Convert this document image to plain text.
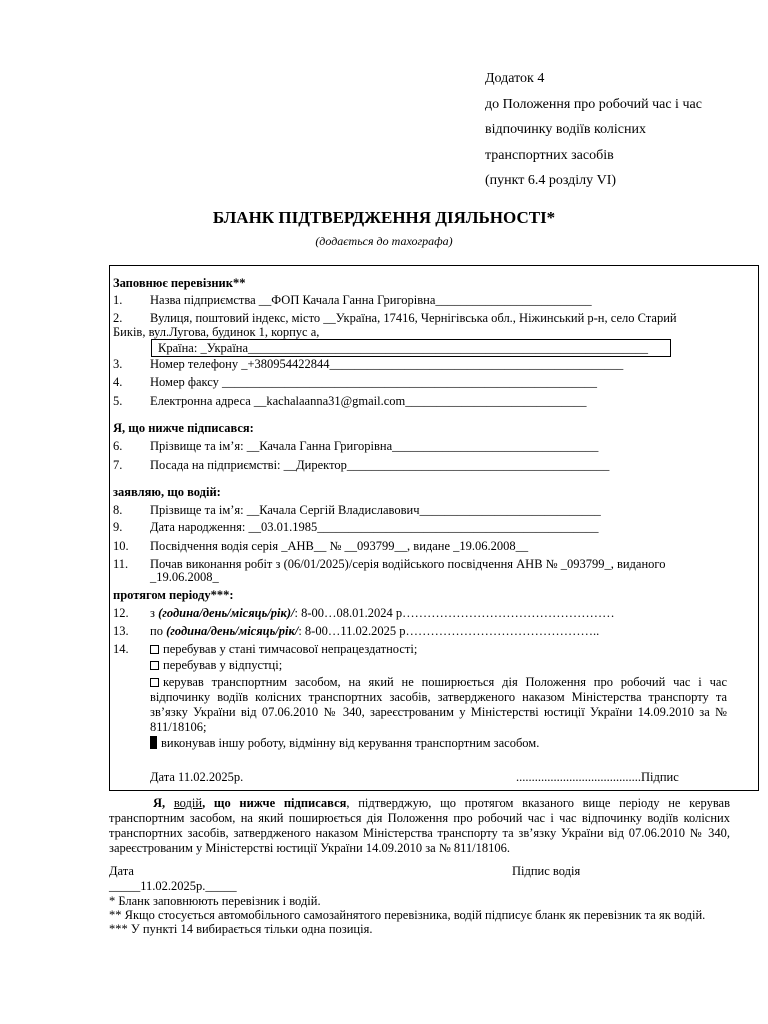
Додаток 4
до Положення про робочий час і час
відпочинку водіїв колісних
транспортних засобів
(пункт 6.4 розділу VI)
БЛАНК ПІДТВЕРДЖЕННЯ ДІЯЛЬНОСТІ*
(додається до тахографа)
Заповнює перевізник**
1. Назва підприємства __ФОП Качала Ганна Григорівна_________________________
2. Вулиця, поштовий індекс, місто __Україна, 17416, Чернігівська обл., Ніжинський р-н, село Старий
Биків, вул.Лугова, будинок 1, корпус а,
Країна: _Україна________________________________________________________________
3. Номер телефону _+380954422844_______________________________________________
4. Номер факсу ____________________________________________________________
5. Електронна адреса __kachalaanna31@gmail.com_____________________________
Я, що нижче підписався:
6. Прізвище та ім’я: __Качала Ганна Григорівна_________________________________
7. Посада на підприємстві: __Директор__________________________________________
заявляю, що водій:
8. Прізвище та ім’я: __Качала Сергій Владиславович_____________________________
9. Дата народження: __03.01.1985_____________________________________________
10. Посвідчення водія серія _АНВ__ № __093799__, видане _19.06.2008__
11. Почав виконання робіт з (06/01/2025)/серія водійського посвідчення АНВ № _093799_, виданого
_19.06.2008_
протягом періоду***:
12. з (година/день/місяць/рік)/: 8-00…08.01.2024 р……………………………………………
13. по (година/день/місяць/рік/: 8-00…11.02.2025 р………………………………………..
14.	перебував у стані тимчасової непрацездатності;
перебував у відпустці;
керував транспортним засобом, на який не поширюється дія Положення про робочий час і час відпочинку водіїв колісних транспортних засобів, затвердженого наказом Міністерства транспорту та зв’язку України від 07.06.2010 № 340, зареєстрованим у Міністерстві юстиції України 14.09.2010 за № 811/18106;
виконував іншу роботу, відмінну від керування транспортним засобом.
Дата 11.02.2025р.	........................................Підпис
Я, водій, що нижче підписався, підтверджую, що протягом вказаного вище періоду не керував транспортним засобом, на який поширюється дія Положення про робочий час і час відпочинку водіїв колісних транспортних засобів, затвердженого наказом Міністерства транспорту та зв’язку України від 07.06.2010 № 340, зареєстрованим у Міністерстві юстиції України 14.09.2010 за № 811/18106.
Дата	Підпис водія
_____11.02.2025р._____
* Бланк заповнюють перевізник і водій.
** Якщо стосується автомобільного самозайнятого перевізника, водій підписує бланк як перевізник та як водій.
*** У пункті 14 вибирається тільки одна позиція.
